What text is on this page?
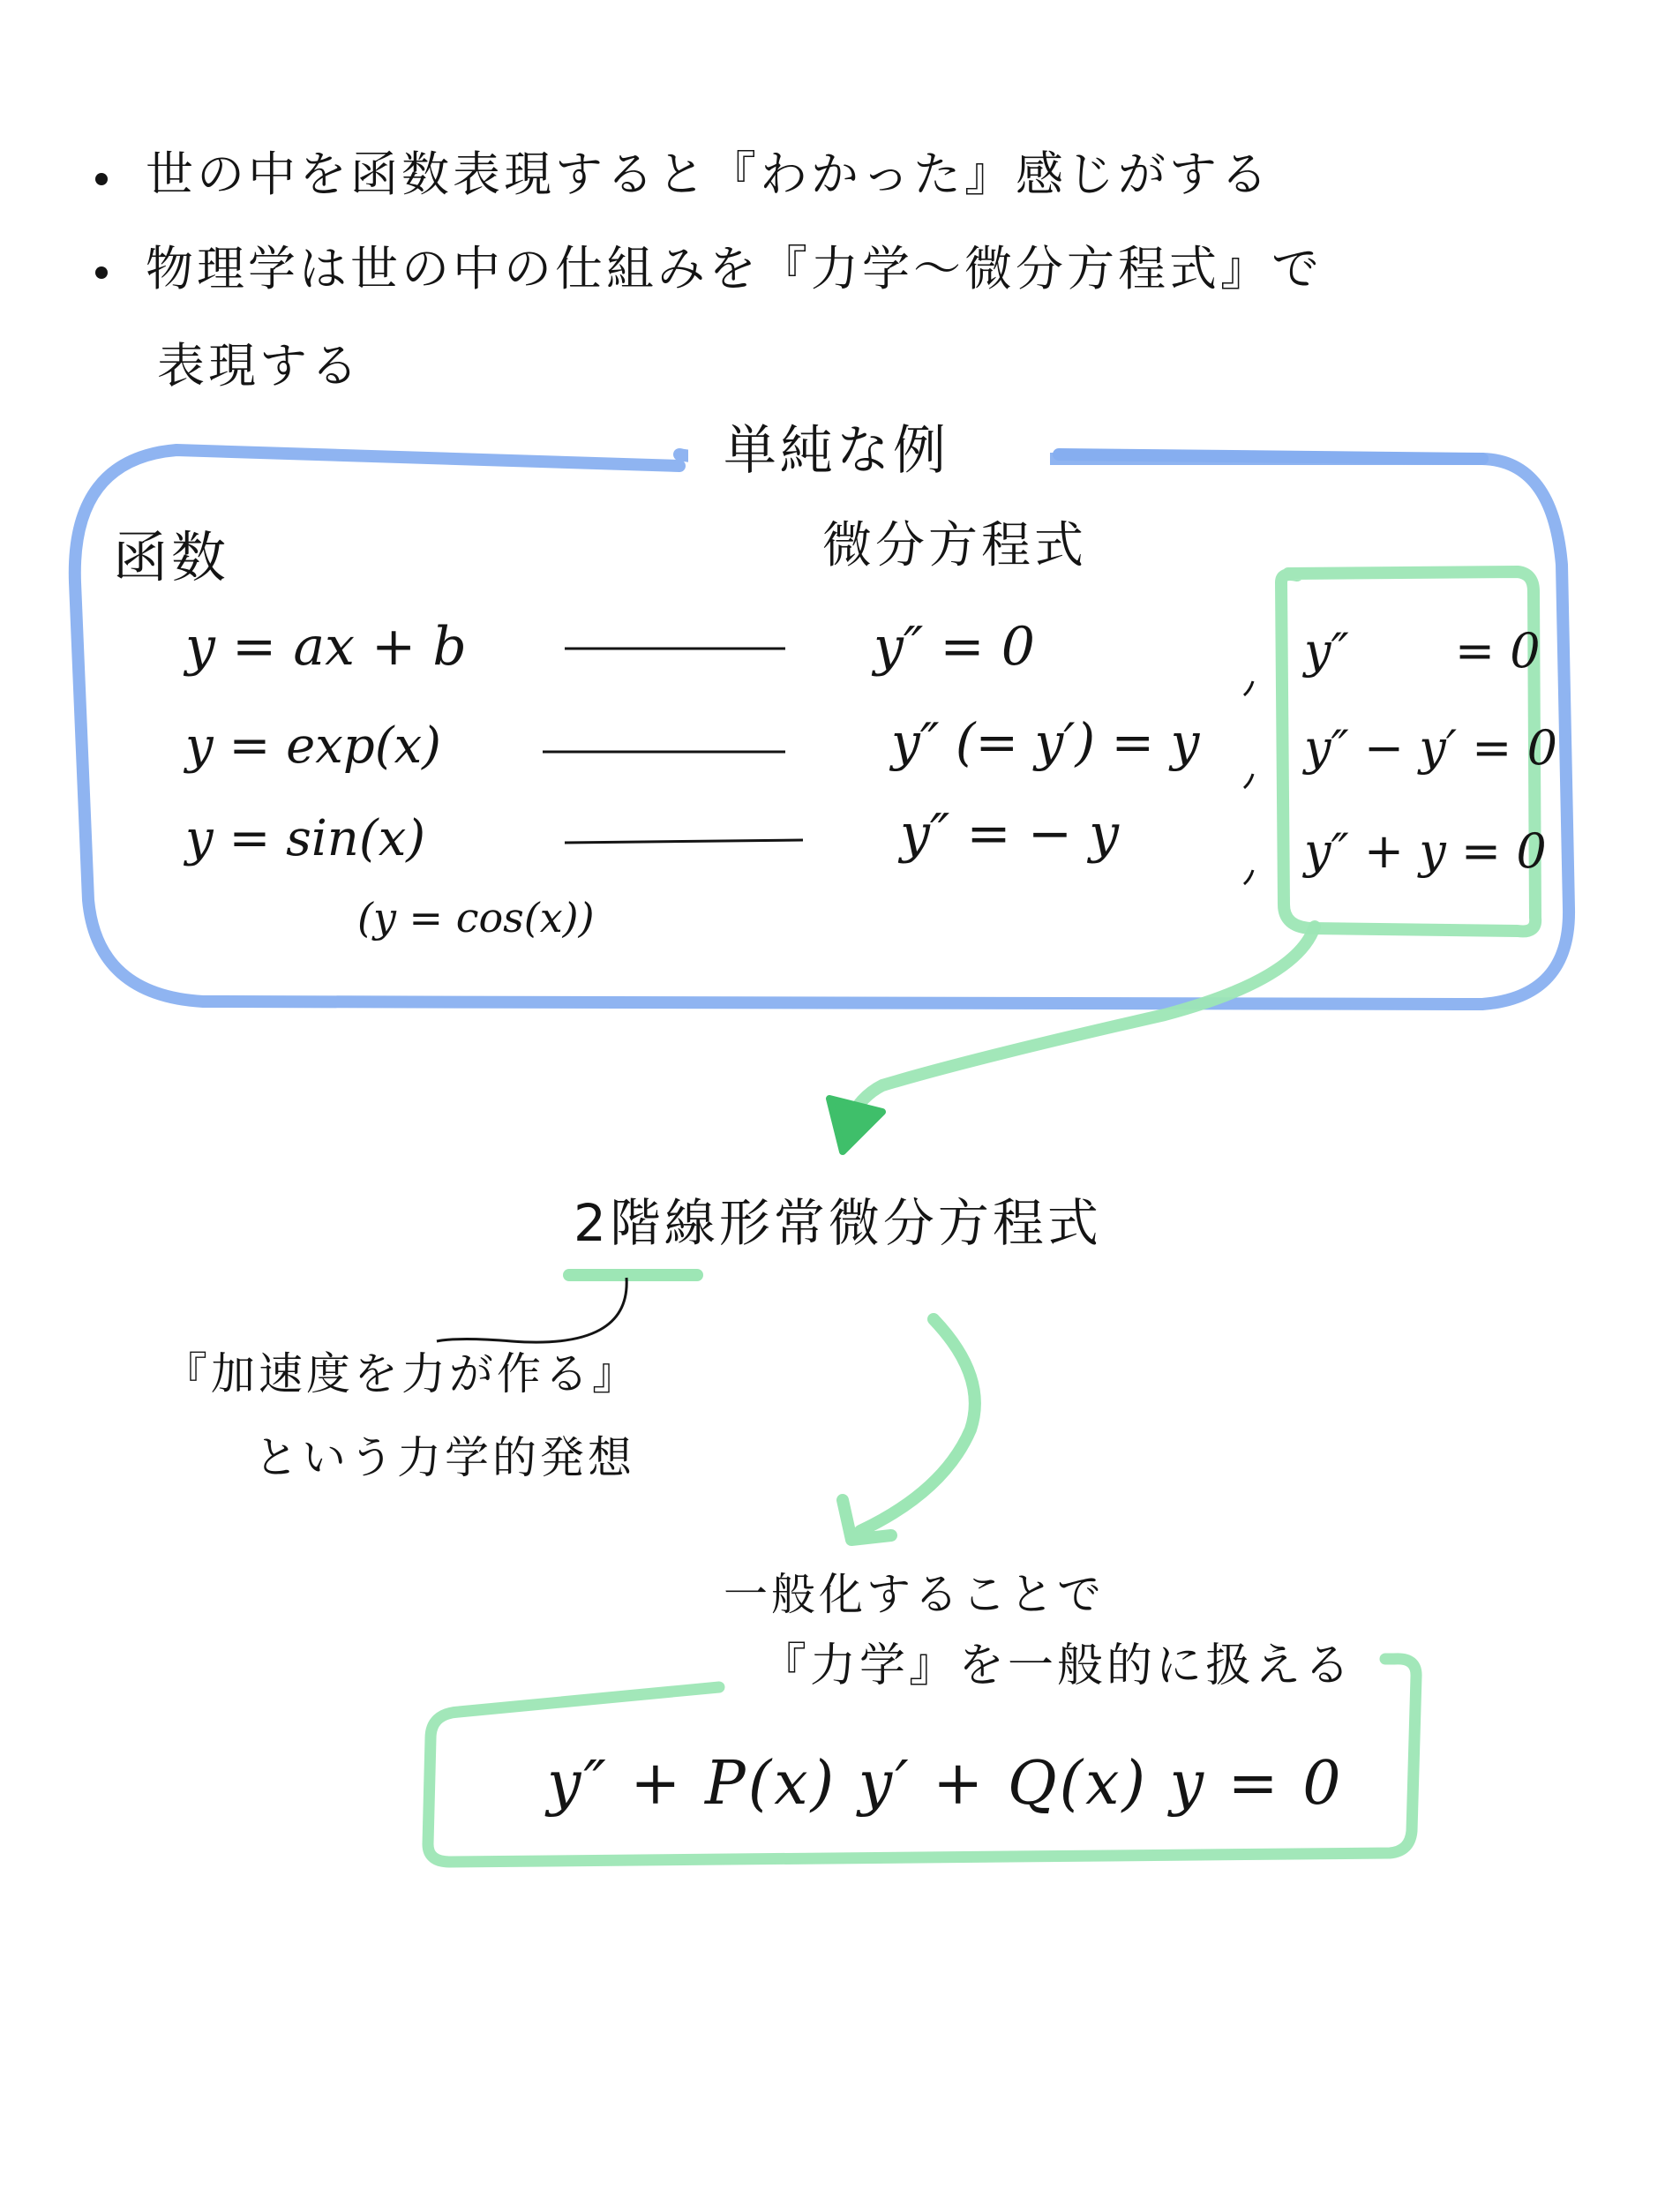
世の中を函数表現すると『わかった』感じがする
物理学は世の中の仕組みを『力学〜微分方程式』で
表現する
単純な例
函数	微分方程式
y = ax + b
y = exp(x)
y = sin(x)
(y = cos(x))
y″ = 0
y″ (= y′) = y
y″ = − y
y″       = 0
y″ − y′ = 0
y″ + y = 0
2階線形常微分方程式
『加速度を力が作る』
という力学的発想
一般化することで
『力学』を一般的に扱える
y″ + P(x) y′ + Q(x) y = 0
